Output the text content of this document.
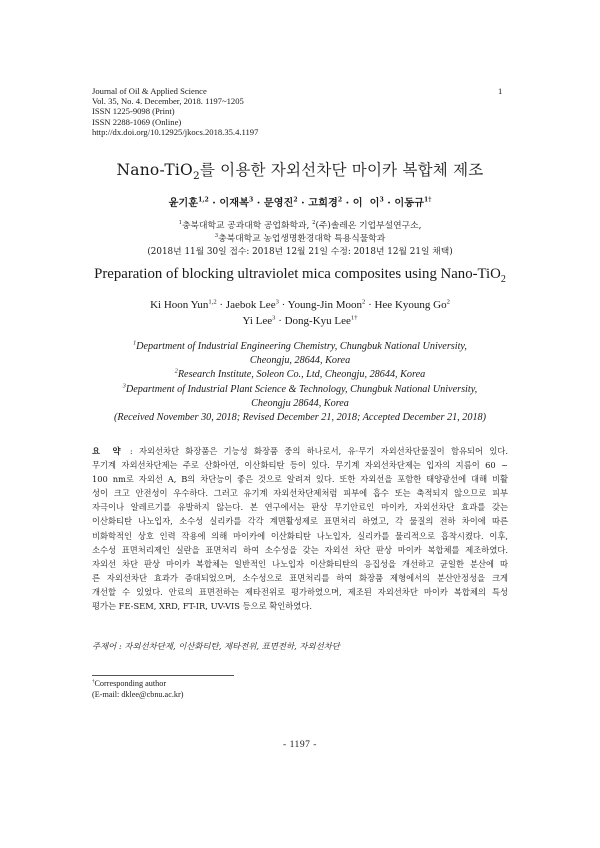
Journal of Oil & Applied Science
Vol. 35, No. 4. December, 2018. 1197~1205
ISSN 1225-9098 (Print)
ISSN 2288-1069 (Online)
http://dx.doi.org/10.12925/jkocs.2018.35.4.1197
1
Nano-TiO$_2$를 이용한 자외선차단 마이카 복합체 제조
윤기훈$^{1,2}$ · 이재복$^3$ · 문영진$^2$ · 고희경$^2$ · 이  이$^3$ · 이동규$^{1\dagger}$
$^1$충북대학교 공과대학 공업화학과, $^2$(주)솔레온 기업부설연구소,
$^3$충북대학교 농업생명환경대학 특용식물학과
(2018년 11월 30일 접수: 2018년 12월 21일 수정: 2018년 12월 21일 채택)
Preparation of blocking ultraviolet mica composites using Nano-TiO$_2$
Ki Hoon Yun$^{1,2}$ · Jaebok Lee$^3$ · Young-Jin Moon$^2$ · Hee Kyoung Go$^2$
Yi Lee$^3$ · Dong-Kyu Lee$^{1\dagger}$
$^1$Department of Industrial Engineering Chemistry, Chungbuk National University,
Cheongju, 28644, Korea
$^2$Research Institute, Soleon Co., Ltd, Cheongju, 28644, Korea
$^3$Department of Industrial Plant Science & Technology, Chungbuk National University,
Cheongju 28644, Korea
(Received November 30, 2018; Revised December 21, 2018; Accepted December 21, 2018)
요 약 : 자외선차단 화장품은 기능성 화장품 중의 하나로서, 유·무기 자외선차단물질이 함유되어 있다.
무기계 자외선차단제는 주로 산화아연, 이산화티탄 등이 있다. 무기계 자외선차단제는 입자의 지름이 60 ~
100 nm로 자외선 A, B의 차단능이 좋은 것으로 알려져 있다. 또한 자외선을 포함한 태양광선에 대해 비활
성이 크고 안전성이 우수하다. 그러고 유기계 자외선차단제처럼 피부에 흡수 또는 축적되지 않으므로 피부
자극이나 알레르기를 유발하지 않는다. 본 연구에서는 판상 무기안료인 마이카, 자외선차단 효과를 갖는
이산화티탄 나노입자, 소수성 실리카를 각각 계면활성제로 표면처리 하였고, 각 물질의 전하 차이에 따른
비화학적인 상호 인력 작용에 의해 마이카에 이산화티탄 나노입자, 실리카를 물리적으로 흡착시켰다. 이후,
소수성 표면처리제인 실란을 표면처리 하여 소수성을 갖는 자외선 차단 판상 마이카 복합체를 제조하였다.
자외선 차단 판상 마이카 복합체는 일반적인 나노입자 이산화티탄의 응집성을 개선하고 균일한 분산에 따
른 자외선차단 효과가 증대되었으며, 소수성으로 표면처리를 하여 화장품 제형에서의 분산안정성을 크게
개선할 수 있었다. 안료의 표면전하는 제타전위로 평가하였으며, 제조된 자외선차단 마이카 복합체의 특성
평가는 FE-SEM, XRD, FT-IR, UV-VIS 등으로 확인하였다.
주제어 : 자외선차단제, 이산화티탄, 제타전위, 표면전하, 자외선차단
†Corresponding author
(E-mail: dklee@cbnu.ac.kr)
- 1197 -
